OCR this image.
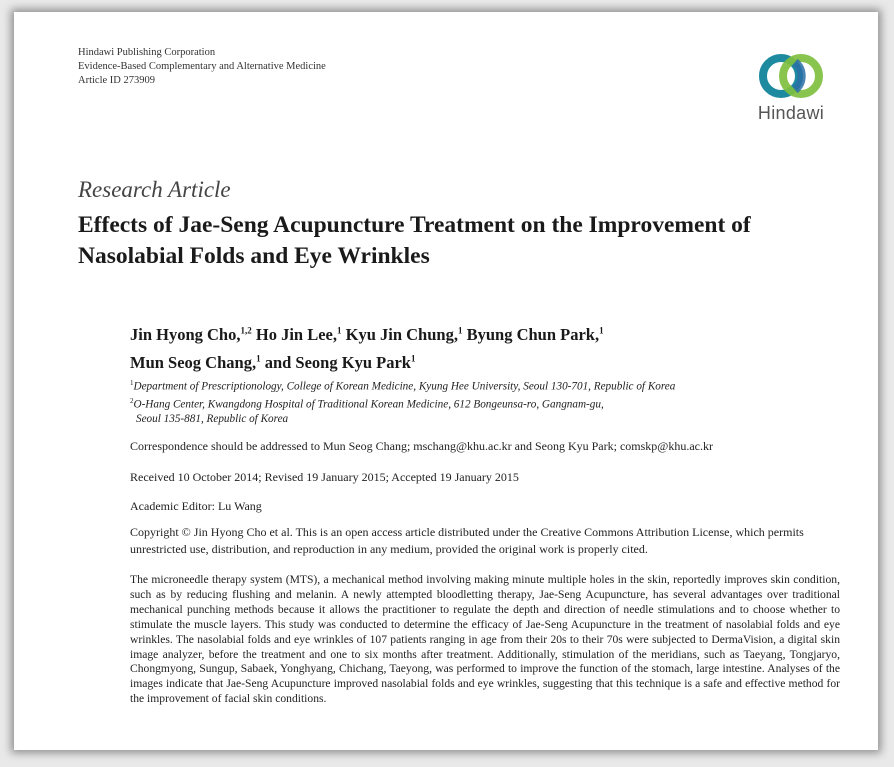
Hindawi Publishing Corporation
Evidence-Based Complementary and Alternative Medicine
Article ID 273909
Hindawi
Research Article
Effects of Jae-Seng Acupuncture Treatment on the Improvement of Nasolabial Folds and Eye Wrinkles
Jin Hyong Cho,$^{1,2}$ Ho Jin Lee,$^1$ Kyu Jin Chung,$^1$ Byung Chun Park,$^1$
Mun Seog Chang,$^1$ and Seong Kyu Park$^1$
$^1$Department of Prescriptionology, College of Korean Medicine, Kyung Hee University, Seoul 130-701, Republic of Korea
$^2$O-Hang Center, Kwangdong Hospital of Traditional Korean Medicine, 612 Bongeunsa-ro, Gangnam-gu,
Seoul 135-881, Republic of Korea
Correspondence should be addressed to Mun Seog Chang; mschang@khu.ac.kr and Seong Kyu Park; comskp@khu.ac.kr
Received 10 October 2014; Revised 19 January 2015; Accepted 19 January 2015
Academic Editor: Lu Wang
Copyright © Jin Hyong Cho et al. This is an open access article distributed under the Creative Commons Attribution License, which permits unrestricted use, distribution, and reproduction in any medium, provided the original work is properly cited.
The microneedle therapy system (MTS), a mechanical method involving making minute multiple holes in the skin, reportedly improves skin condition, such as by reducing flushing and melanin. A newly attempted bloodletting therapy, Jae-Seng Acupuncture, has several advantages over traditional mechanical punching methods because it allows the practitioner to regulate the depth and direction of needle stimulations and to choose whether to stimulate the muscle layers. This study was conducted to determine the efficacy of Jae-Seng Acupuncture in the treatment of nasolabial folds and eye wrinkles. The nasolabial folds and eye wrinkles of 107 patients ranging in age from their 20s to their 70s were subjected to DermaVision, a digital skin image analyzer, before the treatment and one to six months after treatment. Additionally, stimulation of the meridians, such as Taeyang, Tongjaryo, Chongmyong, Sungup, Sabaek, Yonghyang, Chichang, Taeyong, was performed to improve the function of the stomach, large intestine. Analyses of the images indicate that Jae-Seng Acupuncture improved nasolabial folds and eye wrinkles, suggesting that this technique is a safe and effective method for the improvement of facial skin conditions.
